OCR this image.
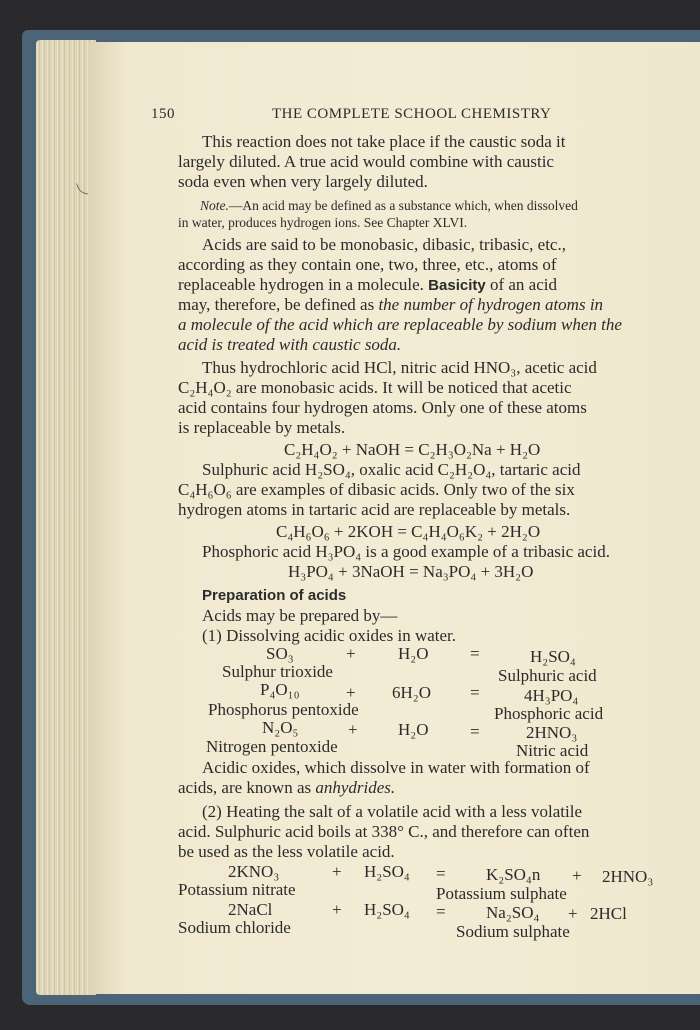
150	THE COMPLETE SCHOOL CHEMISTRY
This reaction does not take place if the caustic soda it
largely diluted. A true acid would combine with caustic
soda even when very largely diluted.
Note.—An acid may be defined as a substance which, when dissolved
in water, produces hydrogen ions. See Chapter XLVI.
Acids are said to be monobasic, dibasic, tribasic, etc.,
according as they contain one, two, three, etc., atoms of
replaceable hydrogen in a molecule. Basicity of an acid
may, therefore, be defined as the number of hydrogen atoms in
a molecule of the acid which are replaceable by sodium when the
acid is treated with caustic soda.
Thus hydrochloric acid HCl, nitric acid HNO₃, acetic acid
C₂H₄O₂ are monobasic acids. It will be noticed that acetic
acid contains four hydrogen atoms. Only one of these atoms
is replaceable by metals.
C₂H₄O₂ + NaOH = C₂H₃O₂Na + H₂O
Sulphuric acid H₂SO₄, oxalic acid C₂H₂O₄, tartaric acid
C₄H₆O₆ are examples of dibasic acids. Only two of the six
hydrogen atoms in tartaric acid are replaceable by metals.
C₄H₆O₆ + 2KOH = C₄H₄O₆K₂ + 2H₂O
Phosphoric acid H₃PO₄ is a good example of a tribasic acid.
H₃PO₄ + 3NaOH = Na₃PO₄ + 3H₂O
Preparation of acids
Acids may be prepared by—
(1) Dissolving acidic oxides in water.
SO₃	+ H₂O =	H₂SO₄
Sulphur trioxide	Sulphuric acid
P₄O₁₀	+ 6H₂O =	4H₃PO₄
Phosphorus pentoxide	Phosphoric acid
N₂O₅	+ H₂O =	2HNO₃
Nitrogen pentoxide	Nitric acid
Acidic oxides, which dissolve in water with formation of
acids, are known as anhydrides.
(2) Heating the salt of a volatile acid with a less volatile
acid. Sulphuric acid boils at 338° C., and therefore can often
be used as the less volatile acid.
2KNO₃	+ H₂SO₄ = K₂SO₄n + 2HNO₃
Potassium nitrate	Potassium sulphate
2NaCl	+ H₂SO₄ = Na₂SO₄ + 2HCl
Sodium chloride	Sodium sulphate
